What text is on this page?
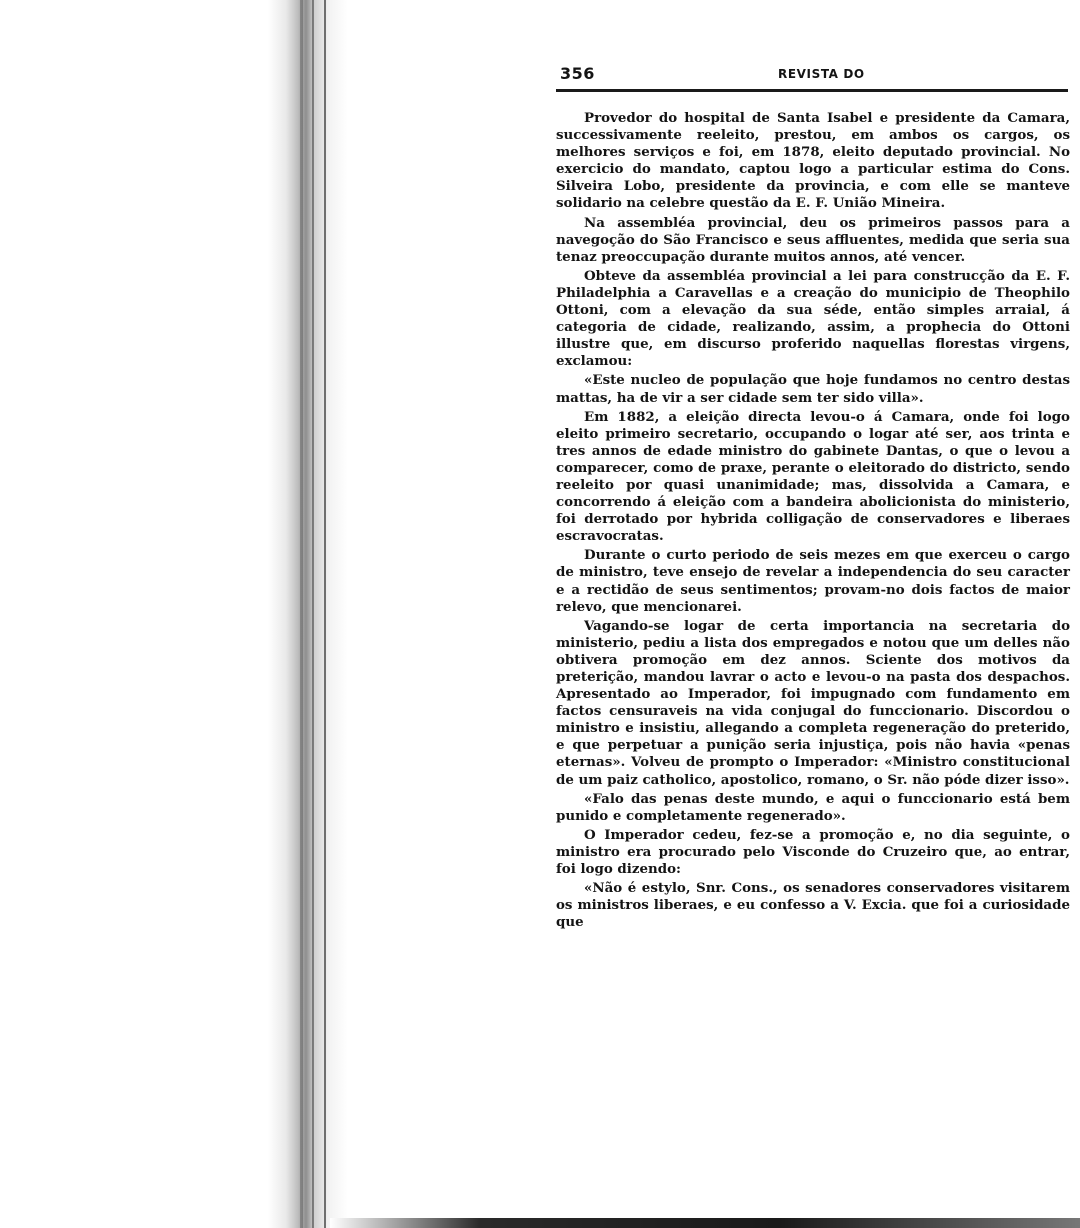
356	REVISTA DO

Provedor do hospital de Santa Isabel e presidente da Camara, successivamente reeleito, prestou, em ambos os cargos, os melhores serviços e foi, em 1878, eleito deputado provincial. No exercicio do mandato, captou logo a particular estima do Cons. Silveira Lobo, presidente da provincia, e com elle se manteve solidario na celebre questão da E. F. União Mineira.

Na assembléa provincial, deu os primeiros passos para a navegoção do São Francisco e seus affluentes, medida que seria sua tenaz preoccupação durante muitos annos, até vencer.

Obteve da assembléa provincial a lei para construcção da E. F. Philadelphia a Caravellas e a creação do municipio de Theophilo Ottoni, com a elevação da sua séde, então simples arraial, á categoria de cidade, realizando, assim, a prophecia do Ottoni illustre que, em discurso proferido naquellas florestas virgens, exclamou:

«Este nucleo de população que hoje fundamos no centro destas mattas, ha de vir a ser cidade sem ter sido villa».

Em 1882, a eleição directa levou-o á Camara, onde foi logo eleito primeiro secretario, occupando o logar até ser, aos trinta e tres annos de edade ministro do gabinete Dantas, o que o levou a comparecer, como de praxe, perante o eleitorado do districto, sendo reeleito por quasi unanimidade; mas, dissolvida a Camara, e concorrendo á eleição com a bandeira abolicionista do ministerio, foi derrotado por hybrida colligação de conservadores e liberaes escravocratas.

Durante o curto periodo de seis mezes em que exerceu o cargo de ministro, teve ensejo de revelar a independencia do seu caracter e a rectidão de seus sentimentos; provam-no dois factos de maior relevo, que mencionarei.

Vagando-se logar de certa importancia na secretaria do ministerio, pediu a lista dos empregados e notou que um delles não obtivera promoção em dez annos. Sciente dos motivos da preterição, mandou lavrar o acto e levou-o na pasta dos despachos. Apresentado ao Imperador, foi impugnado com fundamento em factos censuraveis na vida conjugal do funccionario. Discordou o ministro e insistiu, allegando a completa regeneração do preterido, e que perpetuar a punição seria injustiça, pois não havia «penas eternas». Volveu de prompto o Imperador: «Ministro constitucional de um paiz catholico, apostolico, romano, o Sr. não póde dizer isso».

«Falo das penas deste mundo, e aqui o funccionario está bem punido e completamente regenerado».

O Imperador cedeu, fez-se a promoção e, no dia seguinte, o ministro era procurado pelo Visconde do Cruzeiro que, ao entrar, foi logo dizendo:

«Não é estylo, Snr. Cons., os senadores conservadores visitarem os ministros liberaes, e eu confesso a V. Excia. que foi a curiosidade que
